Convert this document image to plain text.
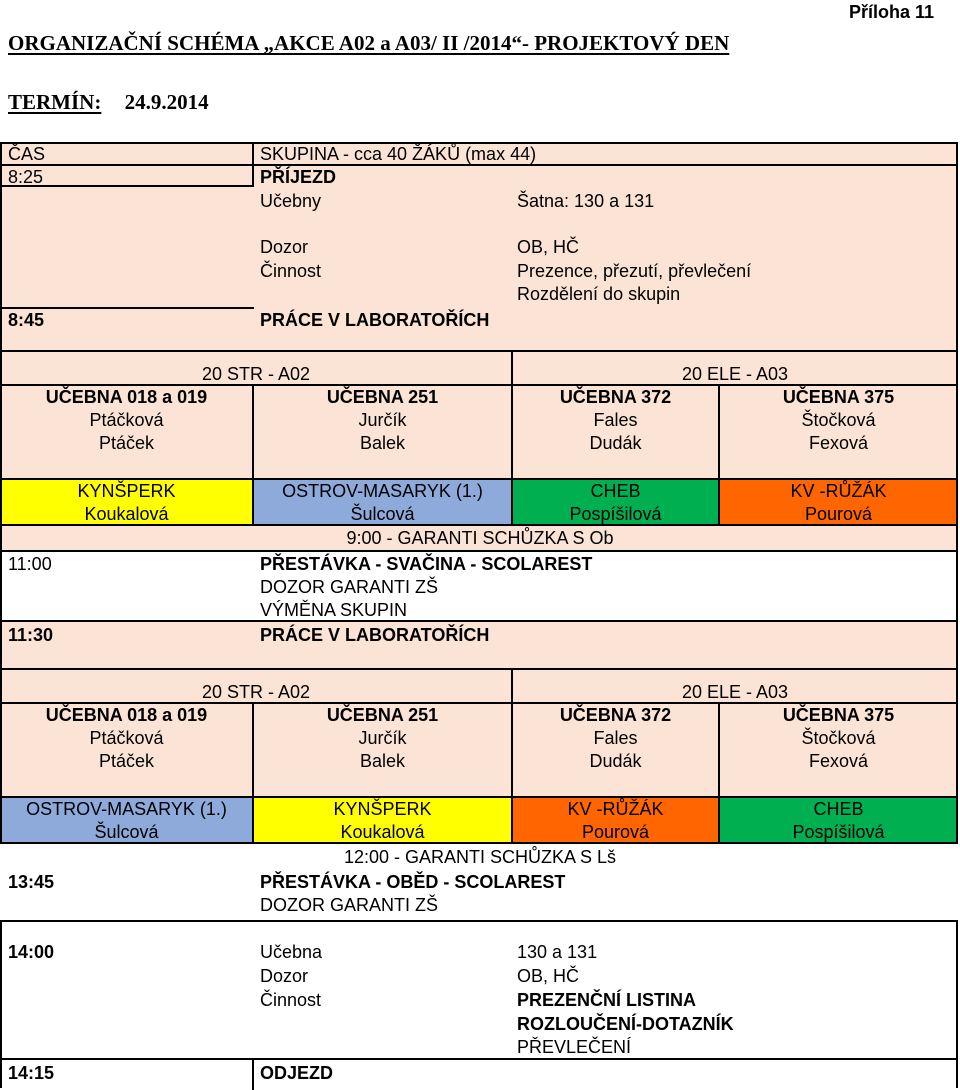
Příloha 11
ORGANIZAČNÍ SCHÉMA „AKCE A02 a A03/ II /2014“- PROJEKTOVÝ DEN
TERMÍN: 24.9.2014
ČAS	SKUPINA - cca 40 ŽÁKŮ (max 44)
8:25	PŘÍJEZD
Učebny	Šatna: 130 a 131
Dozor	OB, HČ
Činnost	Prezence, přezutí, převlečení
Rozdělení do skupin
8:45	PRÁCE V LABORATOŘÍCH
20 STR - A02	20 ELE - A03
UČEBNA 018 a 019	UČEBNA 251	UČEBNA 372	UČEBNA 375
Ptáčková	Jurčík	Fales	Štočková
Ptáček	Balek	Dudák	Fexová
KYNŠPERK	OSTROV-MASARYK (1.)	CHEB	KV -RŮŽÁK
Koukalová	Šulcová	Pospíšilová	Pourová
9:00 - GARANTI SCHŮZKA S Ob
11:00	PŘESTÁVKA - SVAČINA - SCOLAREST
DOZOR GARANTI ZŠ
VÝMĚNA SKUPIN
11:30	PRÁCE V LABORATOŘÍCH
20 STR - A02	20 ELE - A03
UČEBNA 018 a 019	UČEBNA 251	UČEBNA 372	UČEBNA 375
Ptáčková	Jurčík	Fales	Štočková
Ptáček	Balek	Dudák	Fexová
OSTROV-MASARYK (1.)	KYNŠPERK	KV -RŮŽÁK	CHEB
Šulcová	Koukalová	Pourová	Pospíšilová
12:00 - GARANTI SCHŮZKA S Lš
13:45	PŘESTÁVKA - OBĚD - SCOLAREST
DOZOR GARANTI ZŠ
14:00	Učebna	130 a 131
Dozor	OB, HČ
Činnost	PREZENČNÍ LISTINA
ROZLOUČENÍ-DOTAZNÍK
PŘEVLEČENÍ
14:15	ODJEZD
